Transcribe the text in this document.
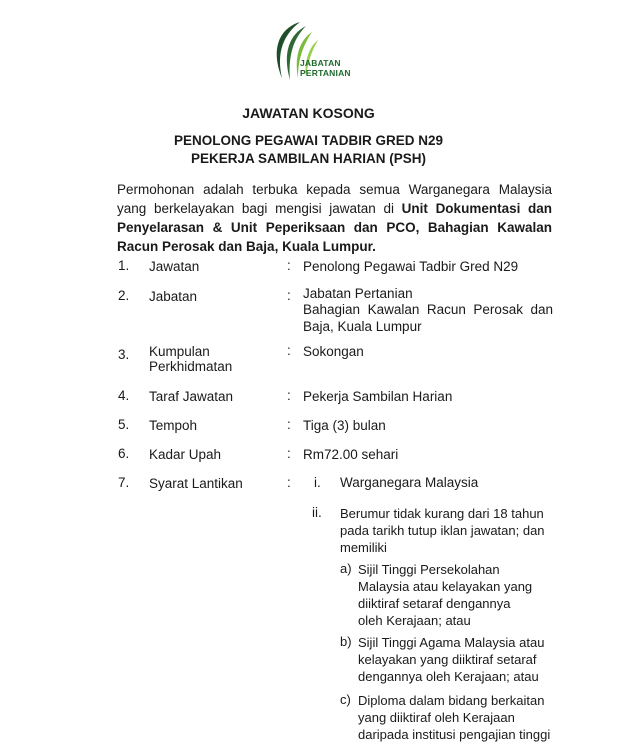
JABATAN
PERTANIAN
JAWATAN KOSONG
PENOLONG PEGAWAI TADBIR GRED N29
PEKERJA SAMBILAN HARIAN (PSH)
Permohonan adalah terbuka kepada semua Warganegara Malaysia yang berkelayakan bagi mengisi jawatan di Unit Dokumentasi dan Penyelarasan & Unit Peperiksaan dan PCO, Bahagian Kawalan Racun Perosak dan Baja, Kuala Lumpur.
1. Jawatan	: Penolong Pegawai Tadbir Gred N29
2. Jabatan	: Jabatan Pertanian
Bahagian Kawalan Racun Perosak dan Baja, Kuala Lumpur
3. Kumpulan
Perkhidmatan
: Sokongan
4. Taraf Jawatan	: Pekerja Sambilan Harian
5. Tempoh	: Tiga (3) bulan
6. Kadar Upah	: Rm72.00 sehari
7. Syarat Lantikan	: i. Warganegara Malaysia
ii. Berumur tidak kurang dari 18 tahun pada tarikh tutup iklan jawatan; dan memiliki
a) Sijil Tinggi Persekolahan Malaysia atau kelayakan yang diiktiraf setaraf dengannya oleh Kerajaan; atau
b) Sijil Tinggi Agama Malaysia atau kelayakan yang diiktiraf setaraf dengannya oleh Kerajaan; atau
c) Diploma dalam bidang berkaitan yang diiktiraf oleh Kerajaan daripada institusi pengajian tinggi
